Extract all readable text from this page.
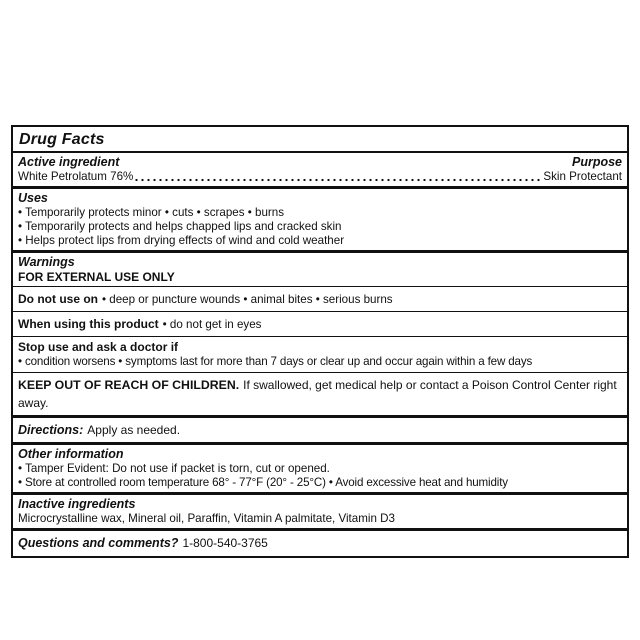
Drug Facts
Active ingredient	Purpose
White Petrolatum 76%	Skin Protectant
Uses
• Temporarily protects minor • cuts • scrapes • burns
• Temporarily protects and helps chapped lips and cracked skin
• Helps protect lips from drying effects of wind and cold weather
Warnings
FOR EXTERNAL USE ONLY
Do not use on • deep or puncture wounds • animal bites • serious burns
When using this product • do not get in eyes
Stop use and ask a doctor if
• condition worsens • symptoms last for more than 7 days or clear up and occur again within a few days
KEEP OUT OF REACH OF CHILDREN. If swallowed, get medical help or contact a Poison Control Center right away.
Directions: Apply as needed.
Other information
• Tamper Evident: Do not use if packet is torn, cut or opened.
• Store at controlled room temperature 68° - 77°F (20° - 25°C) • Avoid excessive heat and humidity
Inactive ingredients
Microcrystalline wax, Mineral oil, Paraffin, Vitamin A palmitate, Vitamin D3
Questions and comments? 1-800-540-3765
